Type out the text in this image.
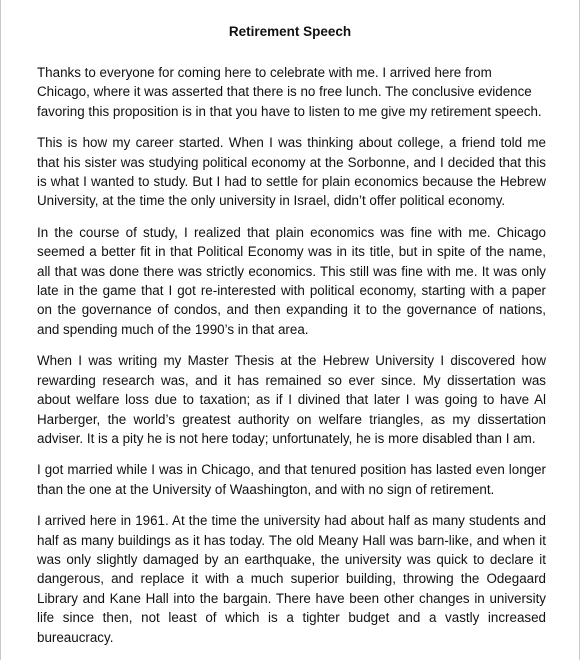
Retirement Speech

Thanks to everyone for coming here to celebrate with me. I arrived here from Chicago, where it was asserted that there is no free lunch. The conclusive evidence favoring this proposition is in that you have to listen to me give my retirement speech.

This is how my career started. When I was thinking about college, a friend told me that his sister was studying political economy at the Sorbonne, and I decided that this is what I wanted to study. But I had to settle for plain economics because the Hebrew University, at the time the only university in Israel, didn’t offer political economy.

In the course of study, I realized that plain economics was fine with me. Chicago seemed a better fit in that Political Economy was in its title, but in spite of the name, all that was done there was strictly economics. This still was fine with me. It was only late in the game that I got re-interested with political economy, starting with a paper on the governance of condos, and then expanding it to the governance of nations, and spending much of the 1990’s in that area.

When I was writing my Master Thesis at the Hebrew University I discovered how rewarding research was, and it has remained so ever since. My dissertation was about welfare loss due to taxation; as if I divined that later I was going to have Al Harberger, the world’s greatest authority on welfare triangles, as my dissertation adviser. It is a pity he is not here today; unfortunately, he is more disabled than I am.

I got married while I was in Chicago, and that tenured position has lasted even longer than the one at the University of Waashington, and with no sign of retirement.

I arrived here in 1961. At the time the university had about half as many students and half as many buildings as it has today. The old Meany Hall was barn-like, and when it was only slightly damaged by an earthquake, the university was quick to declare it dangerous, and replace it with a much superior building, throwing the Odegaard Library and Kane Hall into the bargain. There have been other changes in university life since then, not least of which is a tighter budget and a vastly increased bureaucracy.
